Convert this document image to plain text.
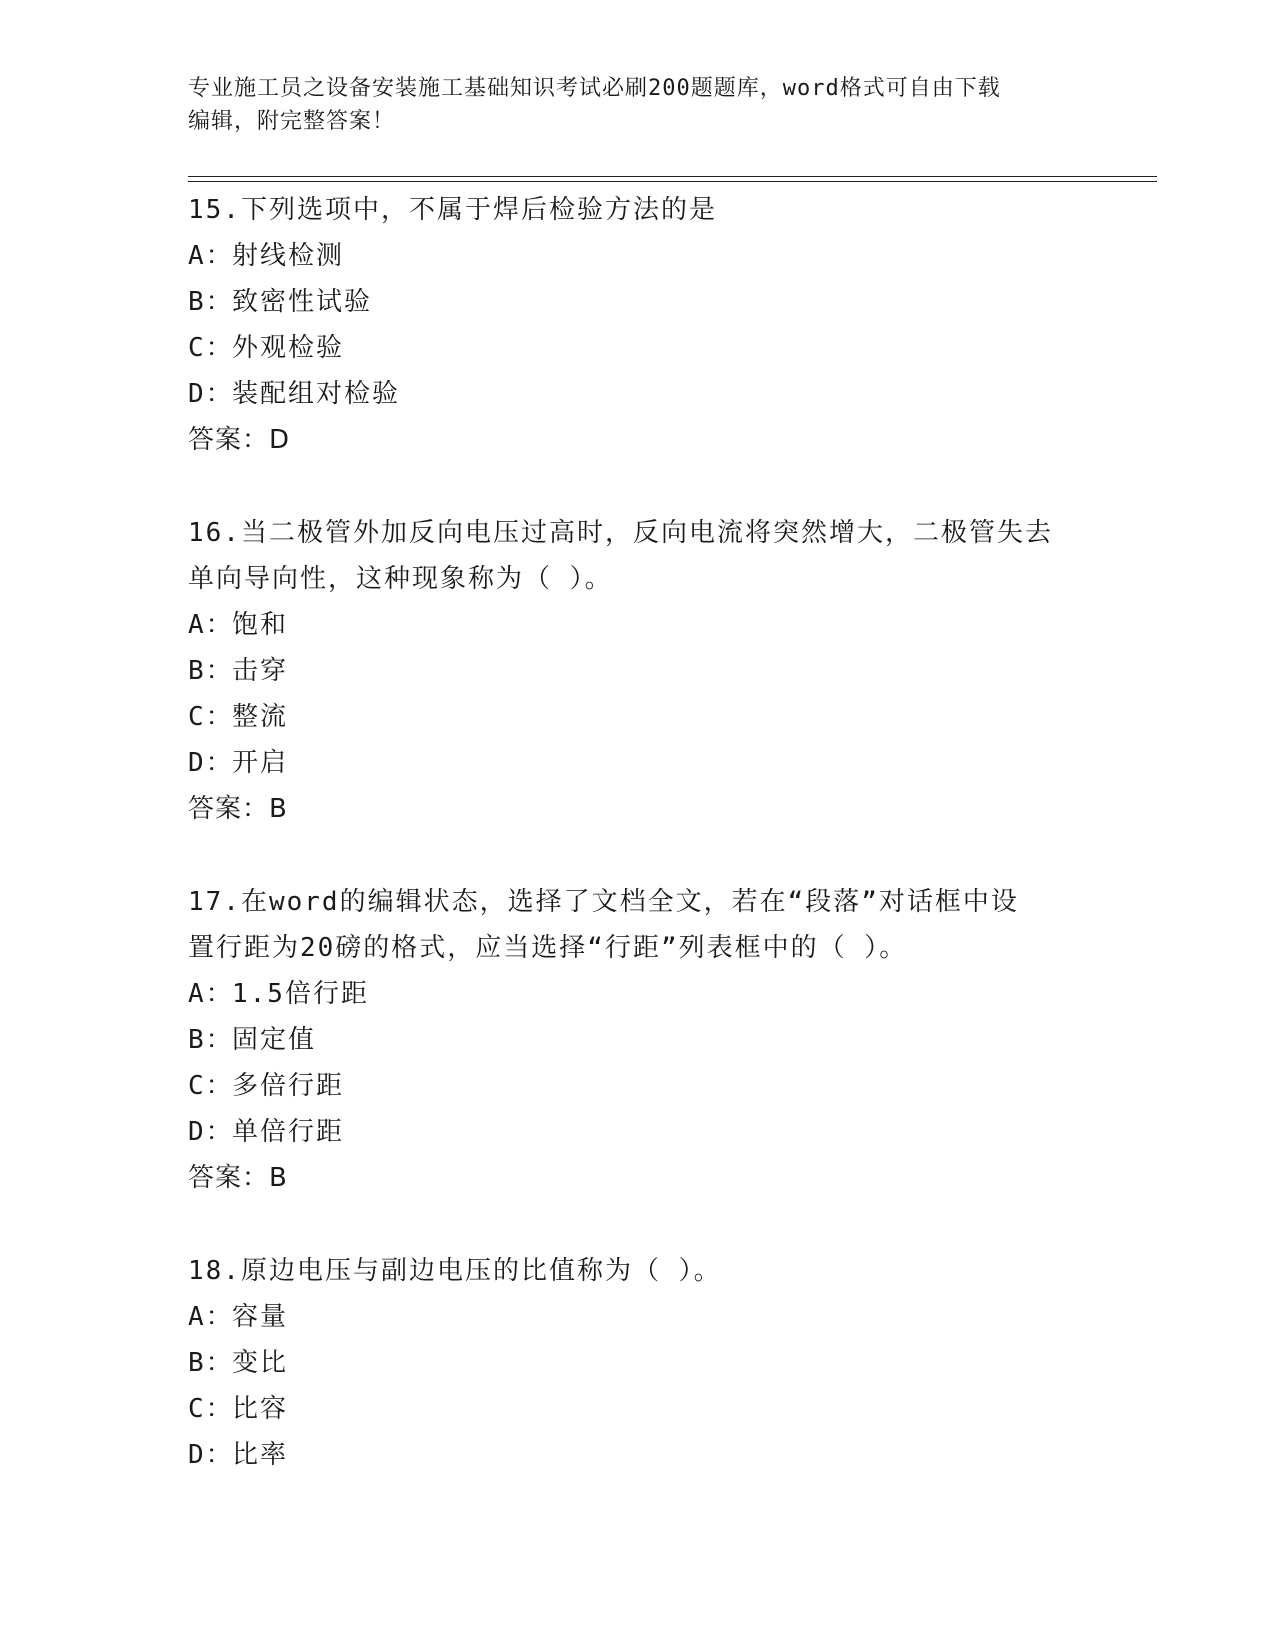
专业施工员之设备安装施工基础知识考试必刷200题题库，word格式可自由下载
编辑，附完整答案！
15.下列选项中，不属于焊后检验方法的是
A：射线检测
B：致密性试验
C：外观检验
D：装配组对检验
答案：D
16.当二极管外加反向电压过高时，反向电流将突然增大，二极管失去
单向导向性，这种现象称为（ ）。
A：饱和
B：击穿
C：整流
D：开启
答案：B
17.在word的编辑状态，选择了文档全文，若在“段落”对话框中设
置行距为20磅的格式，应当选择“行距”列表框中的（ ）。
A：1.5倍行距
B：固定值
C：多倍行距
D：单倍行距
答案：B
18.原边电压与副边电压的比值称为（ ）。
A：容量
B：变比
C：比容
D：比率
